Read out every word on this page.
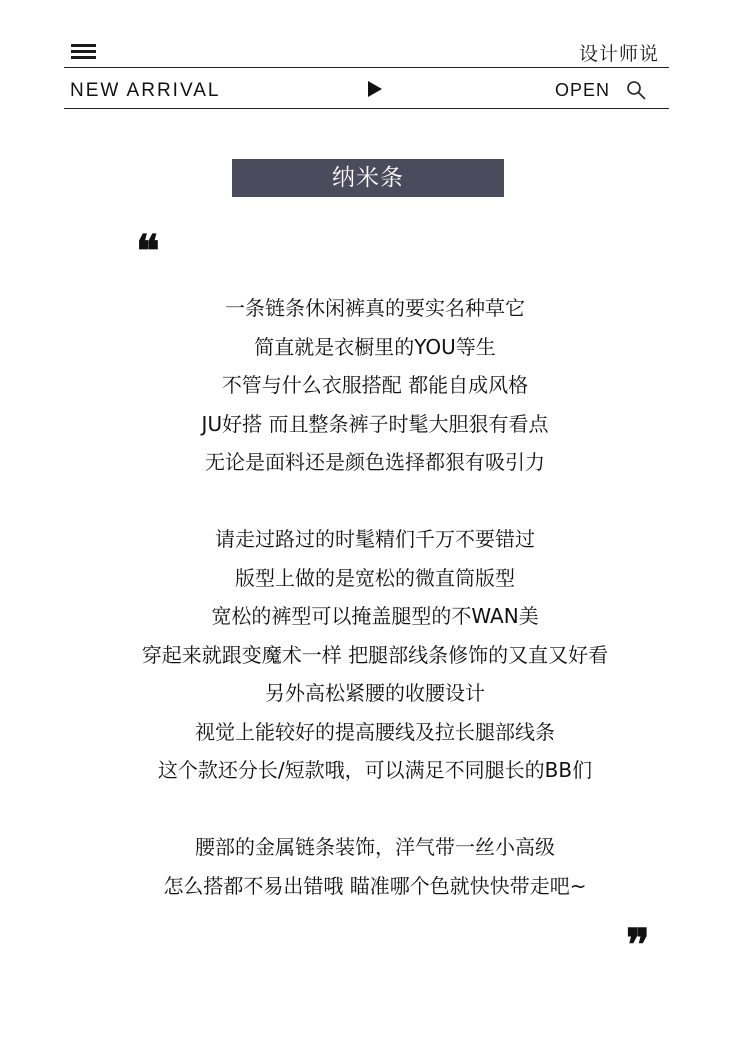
设计师说
NEW ARRIVAL	OPEN
纳米条
❝
一条链条休闲裤真的要实名种草它
简直就是衣橱里的YOU等生
不管与什么衣服搭配 都能自成风格
JU好搭 而且整条裤子时髦大胆狠有看点
无论是面料还是颜色选择都狠有吸引力
请走过路过的时髦精们千万不要错过
版型上做的是宽松的微直筒版型
宽松的裤型可以掩盖腿型的不WAN美
穿起来就跟变魔术一样 把腿部线条修饰的又直又好看
另外高松紧腰的收腰设计
视觉上能较好的提高腰线及拉长腿部线条
这个款还分长/短款哦，可以满足不同腿长的BB们
腰部的金属链条装饰，洋气带一丝小高级
怎么搭都不易出错哦 瞄准哪个色就快快带走吧~
❞
